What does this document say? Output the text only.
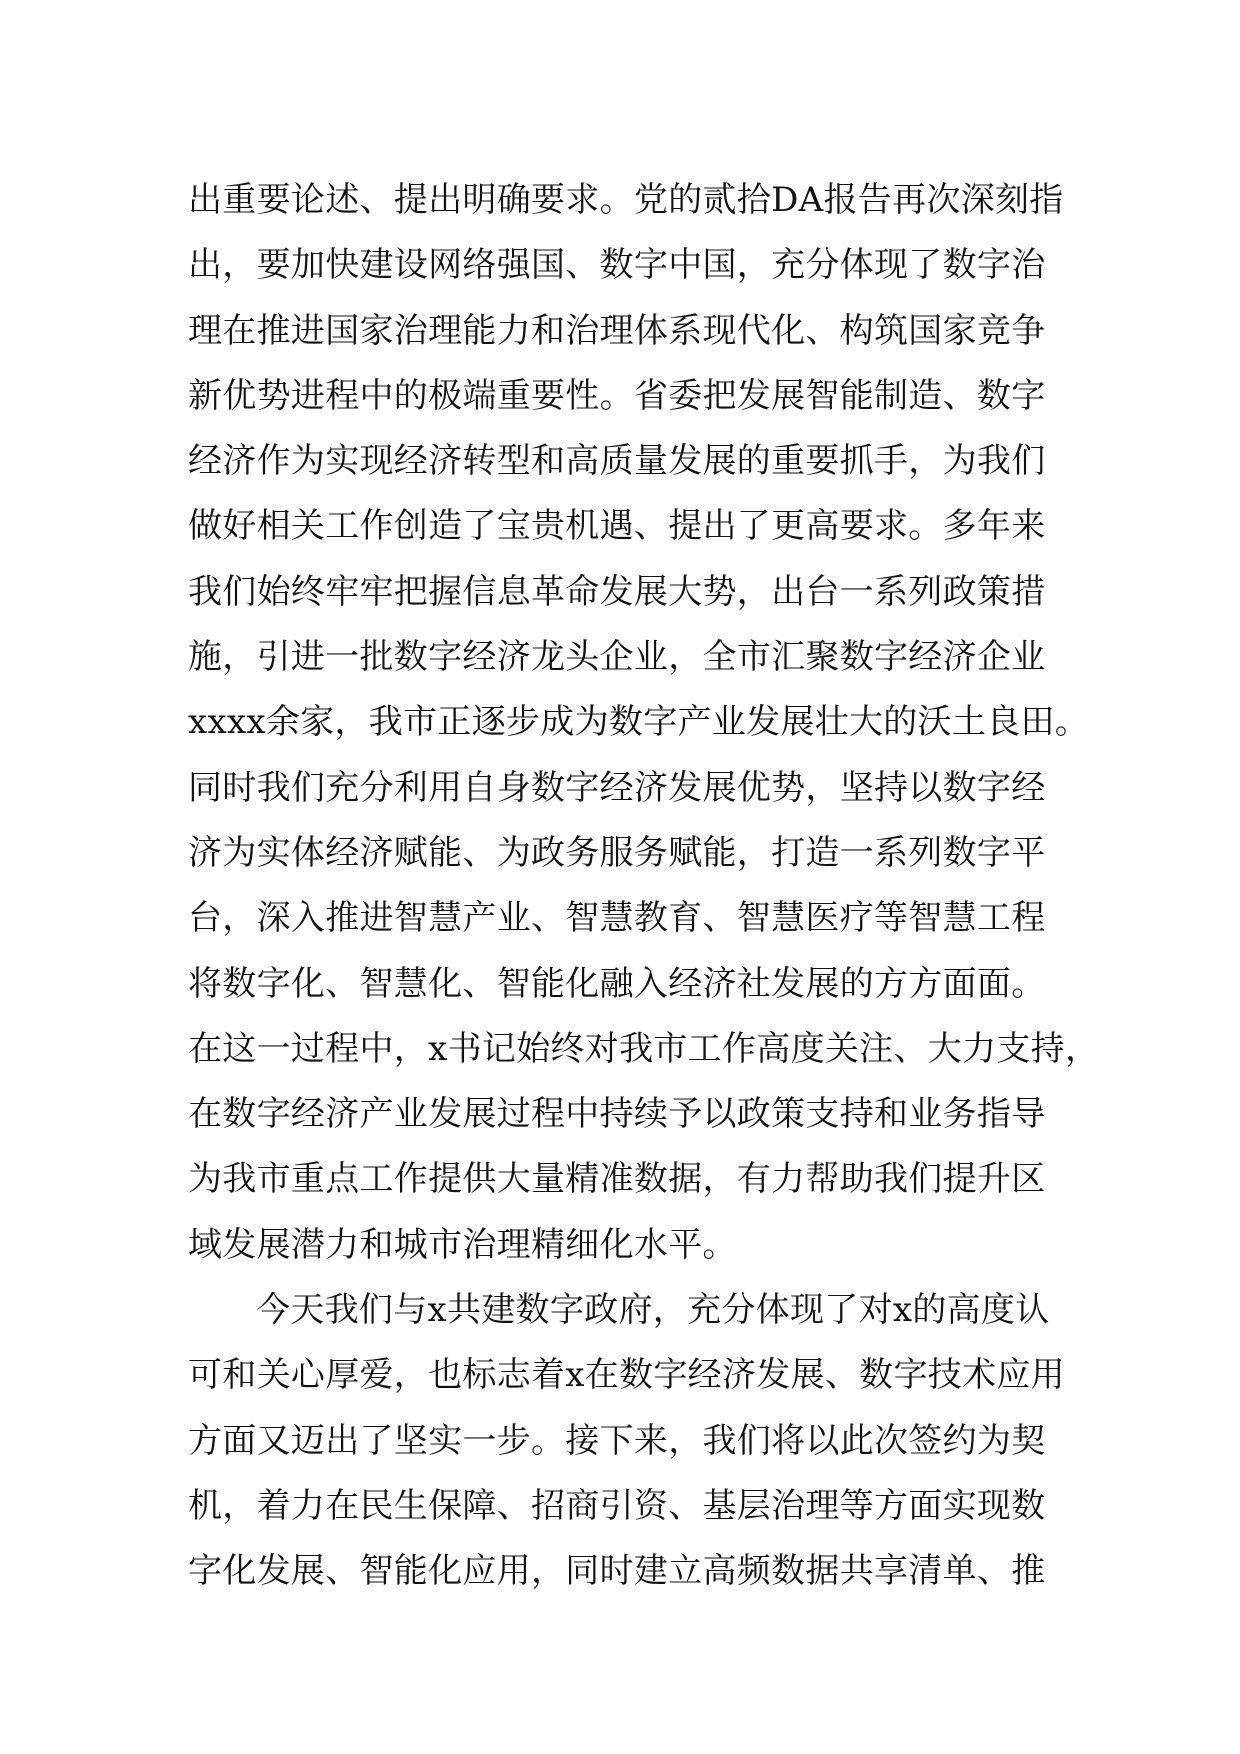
出重要论述、提出明确要求。党的贰拾DA报告再次深刻指
出，要加快建设网络强国、数字中国，充分体现了数字治
理在推进国家治理能力和治理体系现代化、构筑国家竞争
新优势进程中的极端重要性。省委把发展智能制造、数字
经济作为实现经济转型和高质量发展的重要抓手，为我们
做好相关工作创造了宝贵机遇、提出了更高要求。多年来
我们始终牢牢把握信息革命发展大势，出台一系列政策措
施，引进一批数字经济龙头企业，全市汇聚数字经济企业
xxxx余家，我市正逐步成为数字产业发展壮大的沃土良田。
同时我们充分利用自身数字经济发展优势，坚持以数字经
济为实体经济赋能、为政务服务赋能，打造一系列数字平
台，深入推进智慧产业、智慧教育、智慧医疗等智慧工程
将数字化、智慧化、智能化融入经济社发展的方方面面。
在这一过程中，x书记始终对我市工作高度关注、大力支持，
在数字经济产业发展过程中持续予以政策支持和业务指导
为我市重点工作提供大量精准数据，有力帮助我们提升区
域发展潜力和城市治理精细化水平。
今天我们与x共建数字政府，充分体现了对x的高度认
可和关心厚爱，也标志着x在数字经济发展、数字技术应用
方面又迈出了坚实一步。接下来，我们将以此次签约为契
机，着力在民生保障、招商引资、基层治理等方面实现数
字化发展、智能化应用，同时建立高频数据共享清单、推
